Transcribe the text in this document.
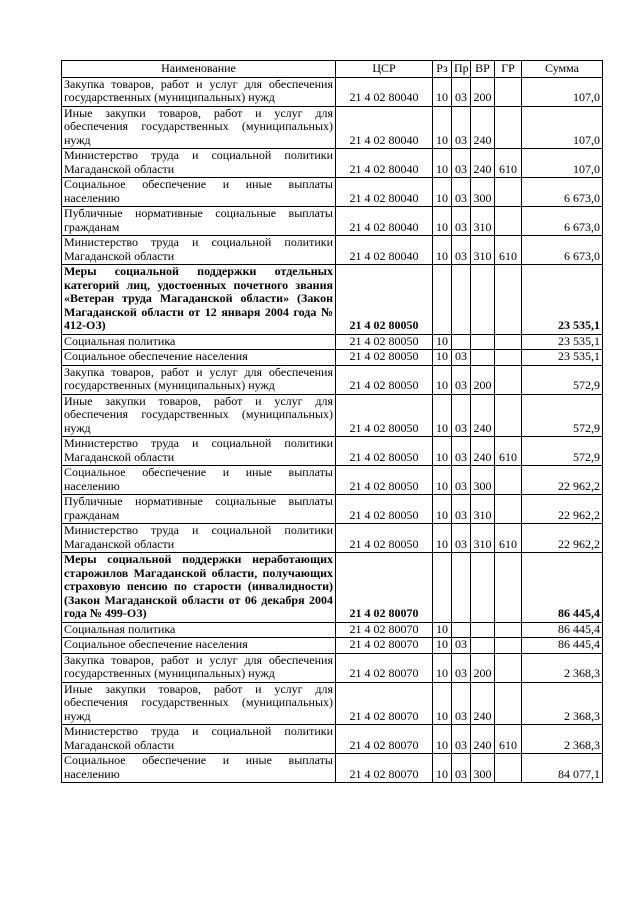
Наименование	ЦСР	Рз	Пр	ВР	ГР	Сумма
Закупка товаров, работ и услуг для обеспечения государственных (муниципальных) нужд	21 4 02 80040	10	03	200		107,0
Иные закупки товаров, работ и услуг для обеспечения государственных (муниципальных) нужд	21 4 02 80040	10	03	240		107,0
Министерство труда и социальной политики Магаданской области	21 4 02 80040	10	03	240	610	107,0
Социальное обеспечение и иные выплаты населению	21 4 02 80040	10	03	300		6 673,0
Публичные нормативные социальные выплаты гражданам	21 4 02 80040	10	03	310		6 673,0
Министерство труда и социальной политики Магаданской области	21 4 02 80040	10	03	310	610	6 673,0
Меры социальной поддержки отдельных категорий лиц, удостоенных почетного звания «Ветеран труда Магаданской области» (Закон Магаданской области от 12 января 2004 года № 412-ОЗ)	21 4 02 80050					23 535,1
Социальная политика	21 4 02 80050	10				23 535,1
Социальное обеспечение населения	21 4 02 80050	10	03			23 535,1
Закупка товаров, работ и услуг для обеспечения государственных (муниципальных) нужд	21 4 02 80050	10	03	200		572,9
Иные закупки товаров, работ и услуг для обеспечения государственных (муниципальных) нужд	21 4 02 80050	10	03	240		572,9
Министерство труда и социальной политики Магаданской области	21 4 02 80050	10	03	240	610	572,9
Социальное обеспечение и иные выплаты населению	21 4 02 80050	10	03	300		22 962,2
Публичные нормативные социальные выплаты гражданам	21 4 02 80050	10	03	310		22 962,2
Министерство труда и социальной политики Магаданской области	21 4 02 80050	10	03	310	610	22 962,2
Меры социальной поддержки неработающих старожилов Магаданской области, получающих страховую пенсию по старости (инвалидности) (Закон Магаданской области от 06 декабря 2004 года № 499-ОЗ)	21 4 02 80070					86 445,4
Социальная политика	21 4 02 80070	10				86 445,4
Социальное обеспечение населения	21 4 02 80070	10	03			86 445,4
Закупка товаров, работ и услуг для обеспечения государственных (муниципальных) нужд	21 4 02 80070	10	03	200		2 368,3
Иные закупки товаров, работ и услуг для обеспечения государственных (муниципальных) нужд	21 4 02 80070	10	03	240		2 368,3
Министерство труда и социальной политики Магаданской области	21 4 02 80070	10	03	240	610	2 368,3
Социальное обеспечение и иные выплаты населению	21 4 02 80070	10	03	300		84 077,1
